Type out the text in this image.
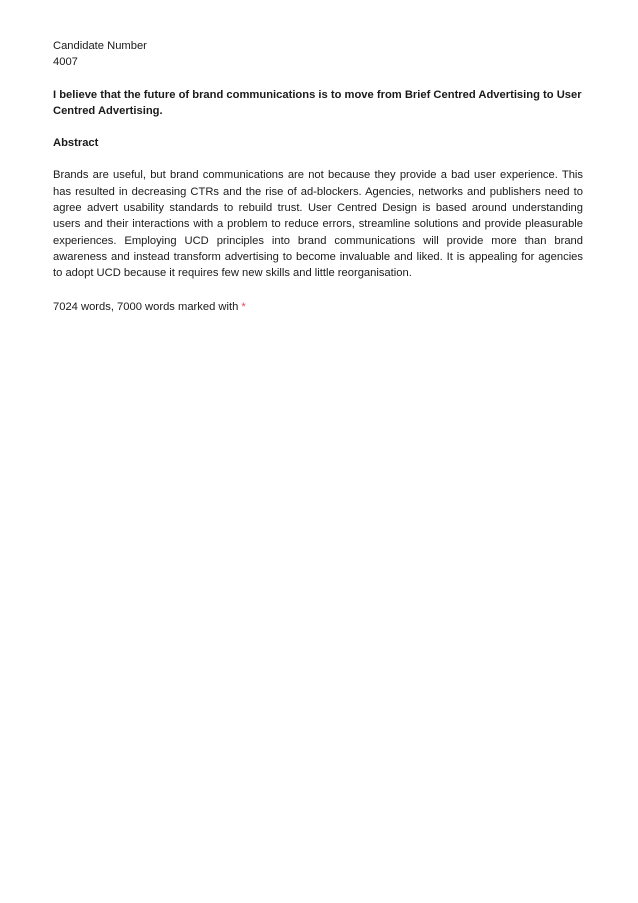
Candidate Number
4007
I believe that the future of brand communications is to move from Brief Centred Advertising to User Centred Advertising.
Abstract
Brands are useful, but brand communications are not because they provide a bad user experience. This has resulted in decreasing CTRs and the rise of ad-blockers. Agencies, networks and publishers need to agree advert usability standards to rebuild trust. User Centred Design is based around understanding users and their interactions with a problem to reduce errors, streamline solutions and provide pleasurable experiences. Employing UCD principles into brand communications will provide more than brand awareness and instead transform advertising to become invaluable and liked. It is appealing for agencies to adopt UCD because it requires few new skills and little reorganisation.
7024 words, 7000 words marked with *
